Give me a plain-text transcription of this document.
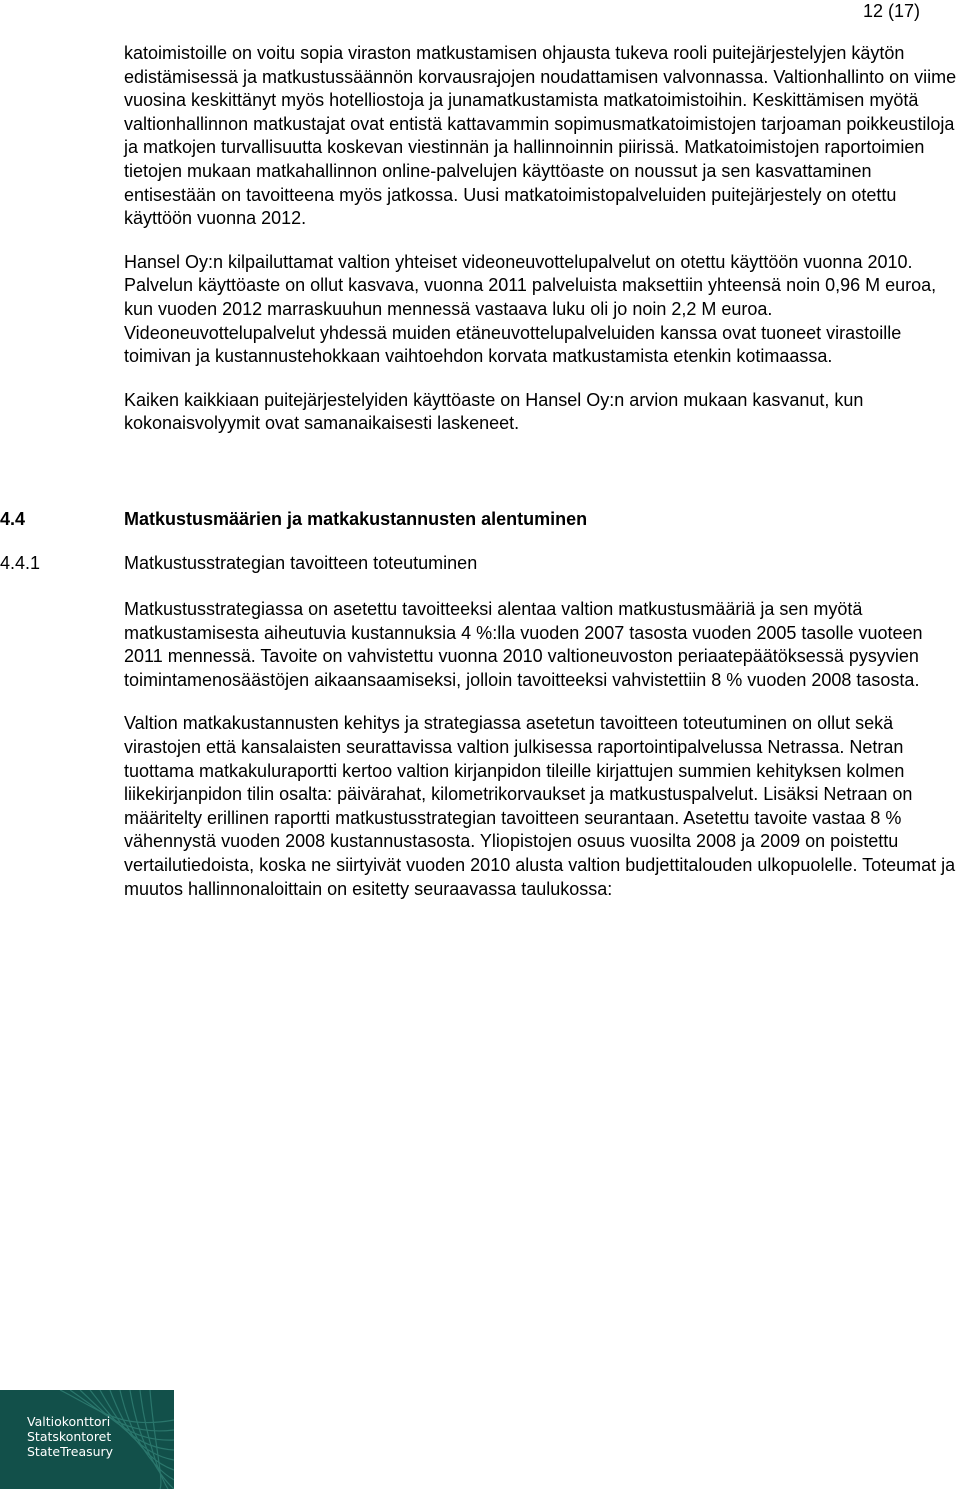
12 (17)

katoimistoille on voitu sopia viraston matkustamisen ohjausta tukeva rooli puitejärjestelyjen käytön edistämisessä ja matkustussäännön korvausrajojen noudattamisen valvonnassa. Valtionhallinto on viime vuosina keskittänyt myös hotelliostoja ja junamatkustamista matkatoimistoihin. Keskittämisen myötä valtionhallinnon matkustajat ovat entistä kattavammin sopimusmatkatoimistojen tarjoaman poikkeustiloja ja matkojen turvallisuutta koskevan viestinnän ja hallinnoinnin piirissä. Matkatoimistojen raportoimien tietojen mukaan matkahallinnon online-palvelujen käyttöaste on noussut ja sen kasvattaminen entisestään on tavoitteena myös jatkossa. Uusi matkatoimistopalveluiden puitejärjestely on otettu käyttöön vuonna 2012.

Hansel Oy:n kilpailuttamat valtion yhteiset videoneuvottelupalvelut on otettu käyttöön vuonna 2010. Palvelun käyttöaste on ollut kasvava, vuonna 2011 palveluista maksettiin yhteensä noin 0,96 M euroa, kun vuoden 2012 marraskuuhun mennessä vastaava luku oli jo noin 2,2 M euroa. Videoneuvottelupalvelut yhdessä muiden etäneuvottelupalveluiden kanssa ovat tuoneet virastoille toimivan ja kustannustehokkaan vaihtoehdon korvata matkustamista etenkin kotimaassa.

Kaiken kaikkiaan puitejärjestelyiden käyttöaste on Hansel Oy:n arvion mukaan kasvanut, kun kokonaisvolyymit ovat samanaikaisesti laskeneet.

4.4	Matkustusmäärien ja matkakustannusten alentuminen
4.4.1	Matkustusstrategian tavoitteen toteutuminen

Matkustusstrategiassa on asetettu tavoitteeksi alentaa valtion matkustusmääriä ja sen myötä matkustamisesta aiheutuvia kustannuksia 4 %:lla vuoden 2007 tasosta vuoden 2005 tasolle vuoteen 2011 mennessä. Tavoite on vahvistettu vuonna 2010 valtioneuvoston periaatepäätöksessä pysyvien toimintamenosäästöjen aikaansaamiseksi, jolloin tavoitteeksi vahvistettiin 8 % vuoden 2008 tasosta.

Valtion matkakustannusten kehitys ja strategiassa asetetun tavoitteen toteutuminen on ollut sekä virastojen että kansalaisten seurattavissa valtion julkisessa raportointipalvelussa Netrassa. Netran tuottama matkakuluraportti kertoo valtion kirjanpidon tileille kirjattujen summien kehityksen kolmen liikekirjanpidon tilin osalta: päivärahat, kilometrikorvaukset ja matkustuspalvelut. Lisäksi Netraan on määritelty erillinen raportti matkustusstrategian tavoitteen seurantaan. Asetettu tavoite vastaa 8 % vähennystä vuoden 2008 kustannustasosta. Yliopistojen osuus vuosilta 2008 ja 2009 on poistettu vertailutiedoista, koska ne siirtyivät vuoden 2010 alusta valtion budjettitalouden ulkopuolelle. Toteumat ja muutos hallinnonaloittain on esitetty seuraavassa taulukossa:

Valtiokonttori
Statskontoret
StateTreasury
